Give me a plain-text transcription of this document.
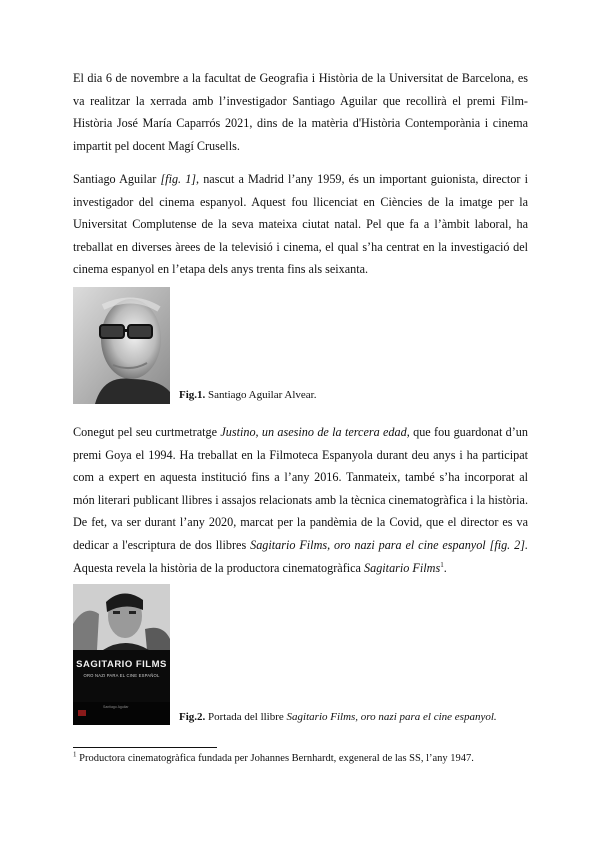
El dia 6 de novembre a la facultat de Geografia i Història de la Universitat de Barcelona, es va realitzar la xerrada amb l’investigador Santiago Aguilar que recollirà el premi Film-Història José María Caparrós 2021, dins de la matèria d'Història Contemporània i cinema impartit pel docent Magí Crusells.

Santiago Aguilar [fig. 1], nascut a Madrid l’any 1959, és un important guionista, director i investigador del cinema espanyol. Aquest fou llicenciat en Ciències de la imatge per la Universitat Complutense de la seva mateixa ciutat natal. Pel que fa a l’àmbit laboral, ha treballat en diverses àrees de la televisió i cinema, el qual s’ha centrat en la investigació del cinema espanyol en l’etapa dels anys trenta fins als seixanta.

Fig.1. Santiago Aguilar Alvear.

Conegut pel seu curtmetratge Justino, un asesino de la tercera edad, que fou guardonat d’un premi Goya el 1994. Ha treballat en la Filmoteca Espanyola durant deu anys i ha participat com a expert en aquesta institució fins a l’any 2016. Tanmateix, també s’ha incorporat al món literari publicant llibres i assajos relacionats amb la tècnica cinematogràfica i la història. De fet, va ser durant l’any 2020, marcat per la pandèmia de la Covid, que el director es va dedicar a l'escriptura de dos llibres Sagitario Films, oro nazi para el cine espanyol [fig. 2]. Aquesta revela la història de la productora cinematogràfica Sagitario Films$^1$.

SAGITARIO FILMS
ORO NAZI PARA EL CINE ESPAÑOL
Santiago Aguilar
Fig.2. Portada del llibre Sagitario Films, oro nazi para el cine espanyol.
$^1$ Productora cinematogràfica fundada per Johannes Bernhardt, exgeneral de las SS, l’any 1947.
